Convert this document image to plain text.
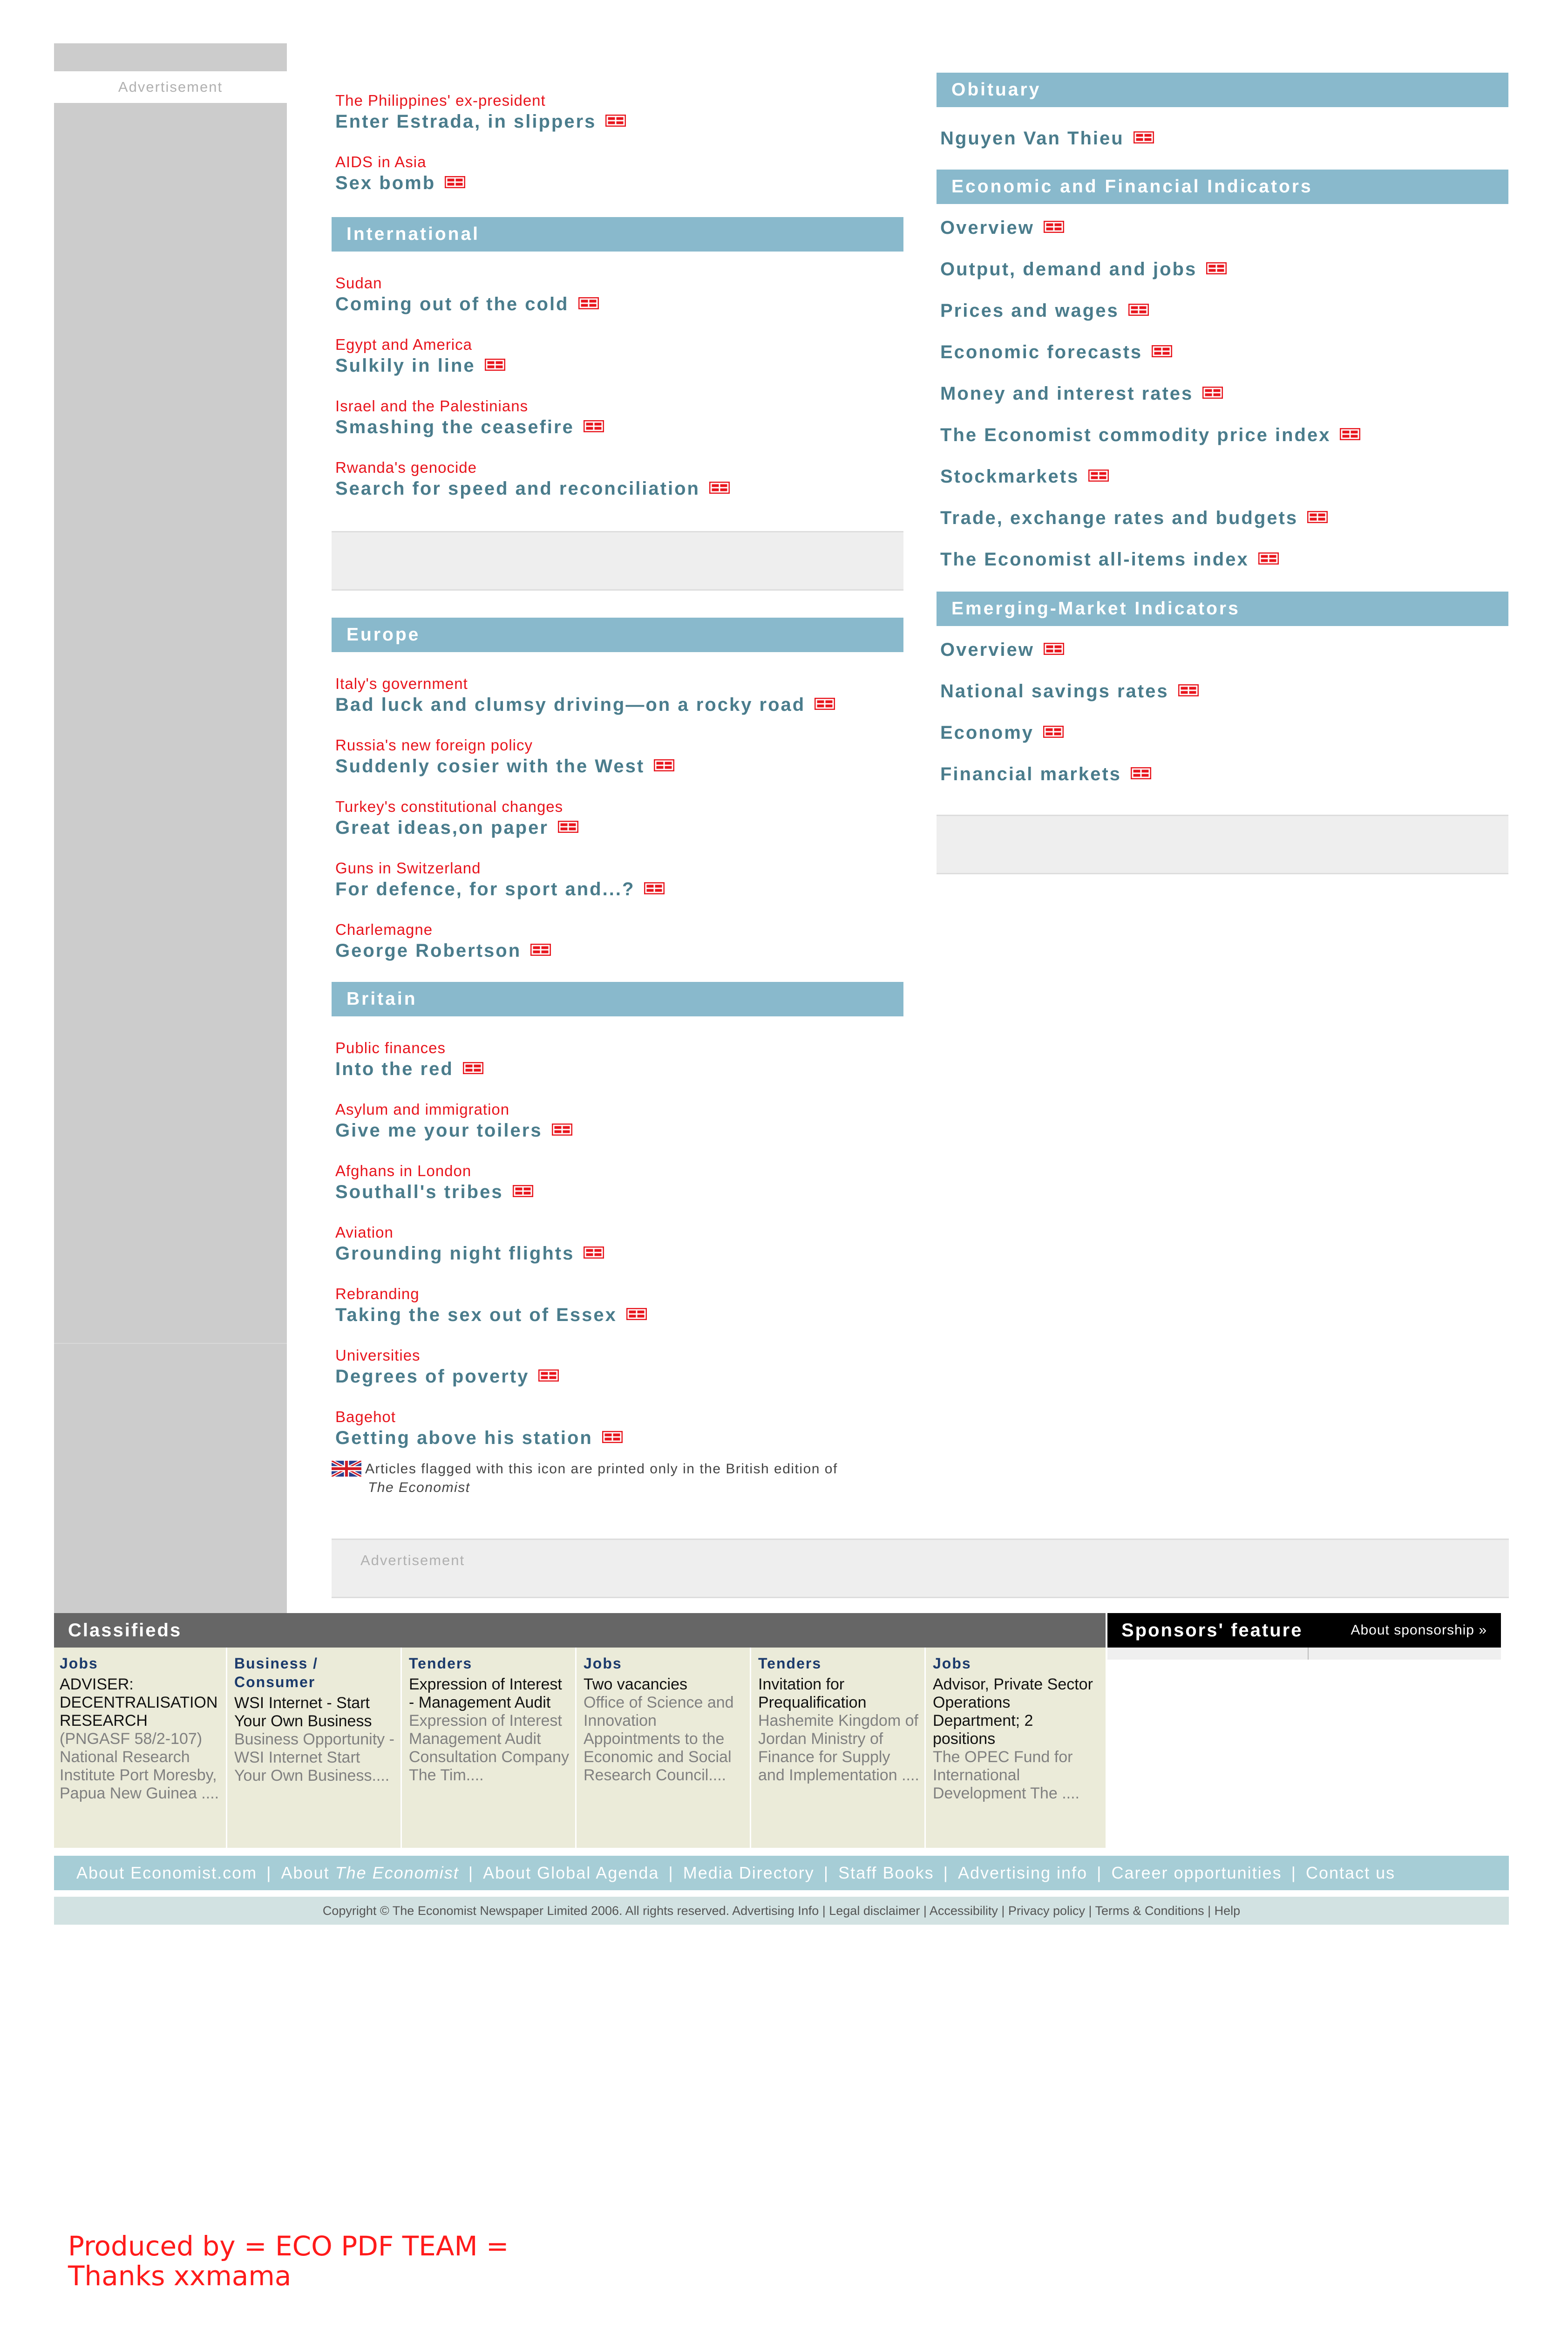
Advertisement
The Philippines' ex-president
Enter Estrada, in slippers
AIDS in Asia
Sex bomb
International
Sudan
Coming out of the cold
Egypt and America
Sulkily in line
Israel and the Palestinians
Smashing the ceasefire
Rwanda's genocide
Search for speed and reconciliation
Europe
Italy's government
Bad luck and clumsy driving—on a rocky road
Russia's new foreign policy
Suddenly cosier with the West
Turkey's constitutional changes
Great ideas,on paper
Guns in Switzerland
For defence, for sport and...?
Charlemagne
George Robertson
Britain
Public finances
Into the red
Asylum and immigration
Give me your toilers
Afghans in London
Southall's tribes
Aviation
Grounding night flights
Rebranding
Taking the sex out of Essex
Universities
Degrees of poverty
Bagehot
Getting above his station
Articles flagged with this icon are printed only in the British edition of
The Economist
Obituary
Nguyen Van Thieu
Economic and Financial Indicators
Overview
Output, demand and jobs
Prices and wages
Economic forecasts
Money and interest rates
The Economist commodity price index
Stockmarkets
Trade, exchange rates and budgets
The Economist all-items index
Emerging-Market Indicators
Overview
National savings rates
Economy
Financial markets
Advertisement
Classifieds
Jobs
ADVISER: DECENTRALISATION RESEARCH
(PNGASF 58/2-107) National Research Institute Port Moresby, Papua New Guinea ....
Business / Consumer
WSI Internet - Start Your Own Business
Business Opportunity - WSI Internet Start Your Own Business....
Tenders
Expression of Interest - Management Audit
Expression of Interest Management Audit Consultation Company The Tim....
Jobs
Two vacancies
Office of Science and Innovation Appointments to the Economic and Social Research Council....
Tenders
Invitation for Prequalification
Hashemite Kingdom of Jordan Ministry of Finance for Supply and Implementation ....
Jobs
Advisor, Private Sector Operations Department; 2 positions
The OPEC Fund for International Development The ....
Sponsors' feature	About sponsorship »
About Economist.com | About The Economist | About Global Agenda | Media Directory | Staff Books | Advertising info | Career opportunities | Contact us
Copyright © The Economist Newspaper Limited 2006. All rights reserved. Advertising Info | Legal disclaimer | Accessibility | Privacy policy | Terms & Conditions | Help
Produced by = ECO PDF TEAM =
Thanks xxmama
